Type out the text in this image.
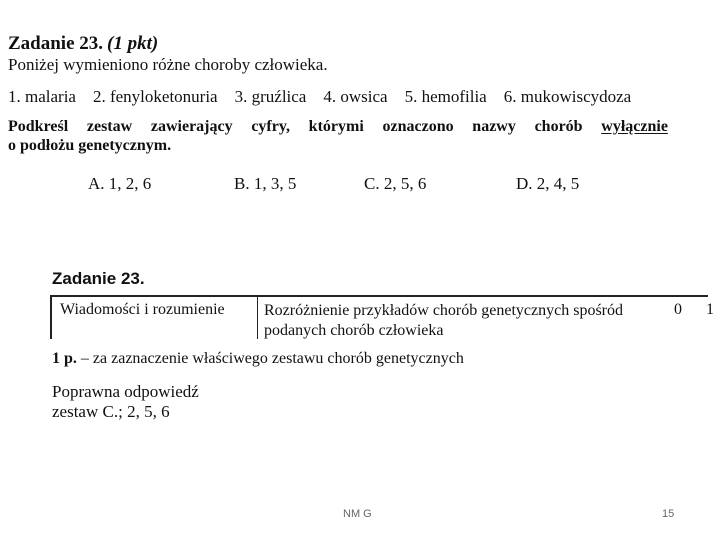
Zadanie 23. (1 pkt)
Poniżej wymieniono różne choroby człowieka.
1. malaria 2. fenyloketonuria 3. gruźlica 4. owsica 5. hemofilia 6. mukowiscydoza
Podkreśl zestaw zawierający cyfry, którymi oznaczono nazwy chorób wyłącznie
o podłożu genetycznym.
A. 1, 2, 6	B. 1, 3, 5	C. 2, 5, 6	D. 2, 4, 5
Zadanie 23.
Wiadomości i rozumienie	Rozróżnienie przykładów chorób genetycznych spośród
podanych chorób człowieka
0 1
1 p. – za zaznaczenie właściwego zestawu chorób genetycznych
Poprawna odpowiedź
zestaw C.; 2, 5, 6
NM G	15
